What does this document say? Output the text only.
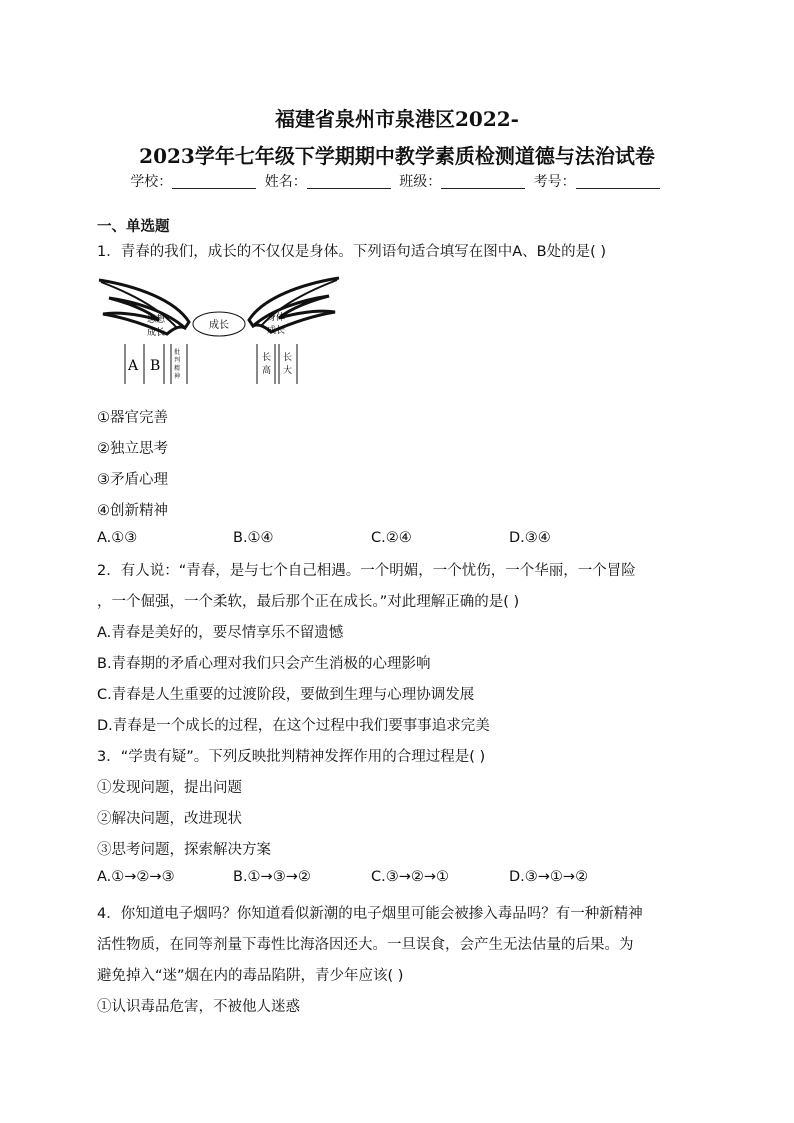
福建省泉州市泉港区2022-
2023学年七年级下学期期中教学素质检测道德与法治试卷
学校：	姓名：	班级：	考号：
一、单选题
1．青春的我们，成长的不仅仅是身体。下列语句适合填写在图中A、B处的是( )
成长
思想
成长
身体
成长
A B
批判精神
长高
长大
①器官完善
②独立思考
③矛盾心理
④创新精神
A.①③	B.①④	C.②④	D.③④
2．有人说：“青春，是与七个自己相遇。一个明媚，一个忧伤，一个华丽，一个冒险
，一个倔强，一个柔软，最后那个正在成长。”对此理解正确的是( )
A.青春是美好的，要尽情享乐不留遗憾
B.青春期的矛盾心理对我们只会产生消极的心理影响
C.青春是人生重要的过渡阶段，要做到生理与心理协调发展
D.青春是一个成长的过程，在这个过程中我们要事事追求完美
3．“学贵有疑”。下列反映批判精神发挥作用的合理过程是( )
①发现问题，提出问题
②解决问题，改进现状
③思考问题，探索解决方案
A.①→②→③	B.①→③→②	C.③→②→①	D.③→①→②
4．你知道电子烟吗？你知道看似新潮的电子烟里可能会被掺入毒品吗？有一种新精神
活性物质，在同等剂量下毒性比海洛因还大。一旦误食，会产生无法估量的后果。为
避免掉入“迷”烟在内的毒品陷阱，青少年应该( )
①认识毒品危害，不被他人迷惑
